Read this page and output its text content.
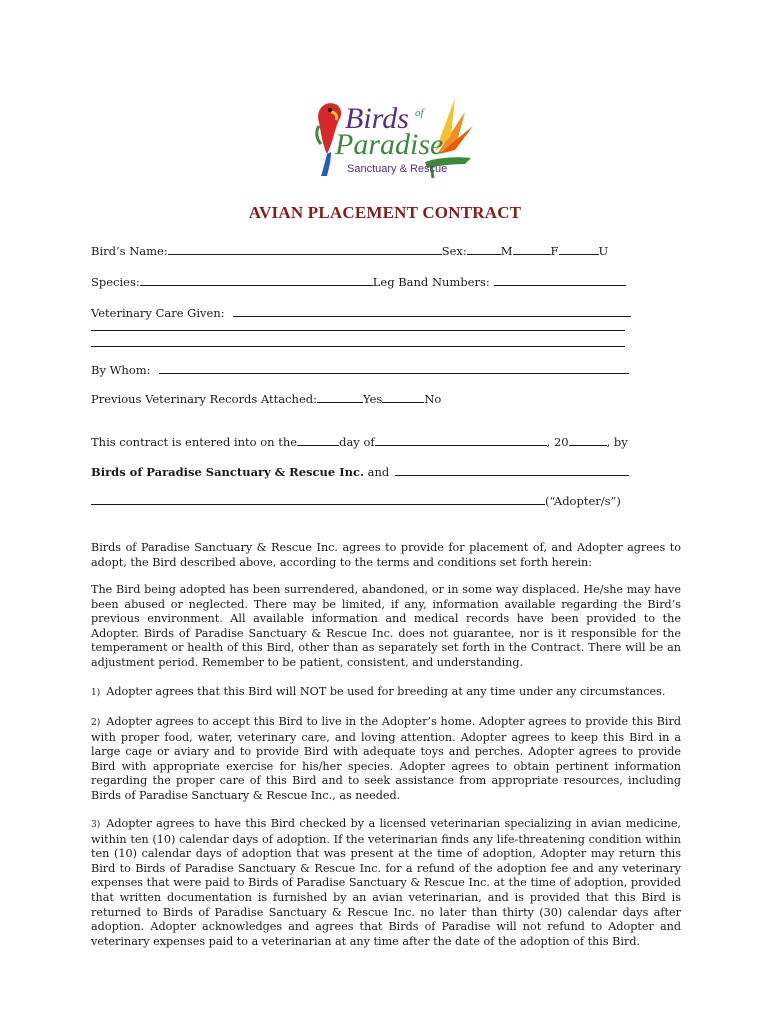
Birds of
Paradise
Sanctuary & Rescue
AVIAN PLACEMENT CONTRACT
Bird’s Name:	Sex:	M	F	U
Species:	Leg Band Numbers:
Veterinary Care Given:
By Whom:
Previous Veterinary Records Attached:	Yes	No
This contract is entered into on the	day of	, 20	, by
Birds of Paradise Sanctuary & Rescue Inc. and
(“Adopter/s”)
Birds of Paradise Sanctuary & Rescue Inc. agrees to provide for placement of, and Adopter agrees to adopt, the Bird described above, according to the terms and conditions set forth herein:
The Bird being adopted has been surrendered, abandoned, or in some way displaced. He/she may have been abused or neglected. There may be limited, if any, information available regarding the Bird’s previous environment. All available information and medical records have been provided to the Adopter. Birds of Paradise Sanctuary & Rescue Inc. does not guarantee, nor is it responsible for the temperament or health of this Bird, other than as separately set forth in the Contract. There will be an adjustment period. Remember to be patient, consistent, and understanding.
1) Adopter agrees that this Bird will NOT be used for breeding at any time under any circumstances.
2) Adopter agrees to accept this Bird to live in the Adopter’s home. Adopter agrees to provide this Bird with proper food, water, veterinary care, and loving attention. Adopter agrees to keep this Bird in a large cage or aviary and to provide Bird with adequate toys and perches. Adopter agrees to provide Bird with appropriate exercise for his/her species. Adopter agrees to obtain pertinent information regarding the proper care of this Bird and to seek assistance from appropriate resources, including Birds of Paradise Sanctuary & Rescue Inc., as needed.
3) Adopter agrees to have this Bird checked by a licensed veterinarian specializing in avian medicine, within ten (10) calendar days of adoption. If the veterinarian finds any life-threatening condition within ten (10) calendar days of adoption that was present at the time of adoption, Adopter may return this Bird to Birds of Paradise Sanctuary & Rescue Inc. for a refund of the adoption fee and any veterinary expenses that were paid to Birds of Paradise Sanctuary & Rescue Inc. at the time of adoption, provided that written documentation is furnished by an avian veterinarian, and is provided that this Bird is returned to Birds of Paradise Sanctuary & Rescue Inc. no later than thirty (30) calendar days after adoption. Adopter acknowledges and agrees that Birds of Paradise will not refund to Adopter and veterinary expenses paid to a veterinarian at any time after the date of the adoption of this Bird.
